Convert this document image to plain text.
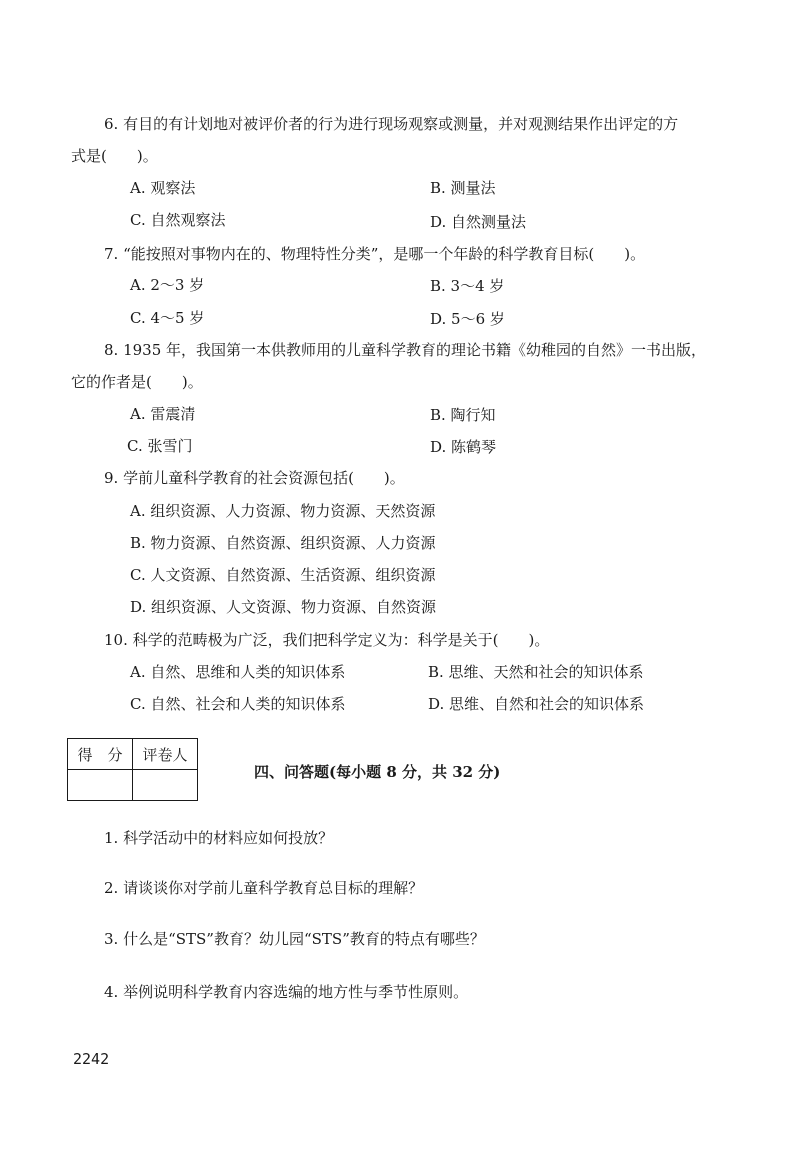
6. 有目的有计划地对被评价者的行为进行现场观察或测量，并对观测结果作出评定的方
式是(　　)。
A. 观察法	B. 测量法
C. 自然观察法	D. 自然测量法
7. “能按照对事物内在的、物理特性分类”，是哪一个年龄的科学教育目标(　　)。
A. 2～3 岁	B. 3～4 岁
C. 4～5 岁	D. 5～6 岁
8. 1935 年，我国第一本供教师用的儿童科学教育的理论书籍《幼稚园的自然》一书出版，
它的作者是(　　)。
A. 雷震清	B. 陶行知
C. 张雪门	D. 陈鹤琴
9. 学前儿童科学教育的社会资源包括(　　)。
A. 组织资源、人力资源、物力资源、天然资源
B. 物力资源、自然资源、组织资源、人力资源
C. 人文资源、自然资源、生活资源、组织资源
D. 组织资源、人文资源、物力资源、自然资源
10. 科学的范畴极为广泛，我们把科学定义为：科学是关于(　　)。
A. 自然、思维和人类的知识体系	B. 思维、天然和社会的知识体系
C. 自然、社会和人类的知识体系	D. 思维、自然和社会的知识体系
得　分	评卷人

四、问答题(每小题 8 分，共 32 分)
1. 科学活动中的材料应如何投放？
2. 请谈谈你对学前儿童科学教育总目标的理解？
3. 什么是“STS”教育？幼儿园“STS”教育的特点有哪些？
4. 举例说明科学教育内容选编的地方性与季节性原则。
2242
